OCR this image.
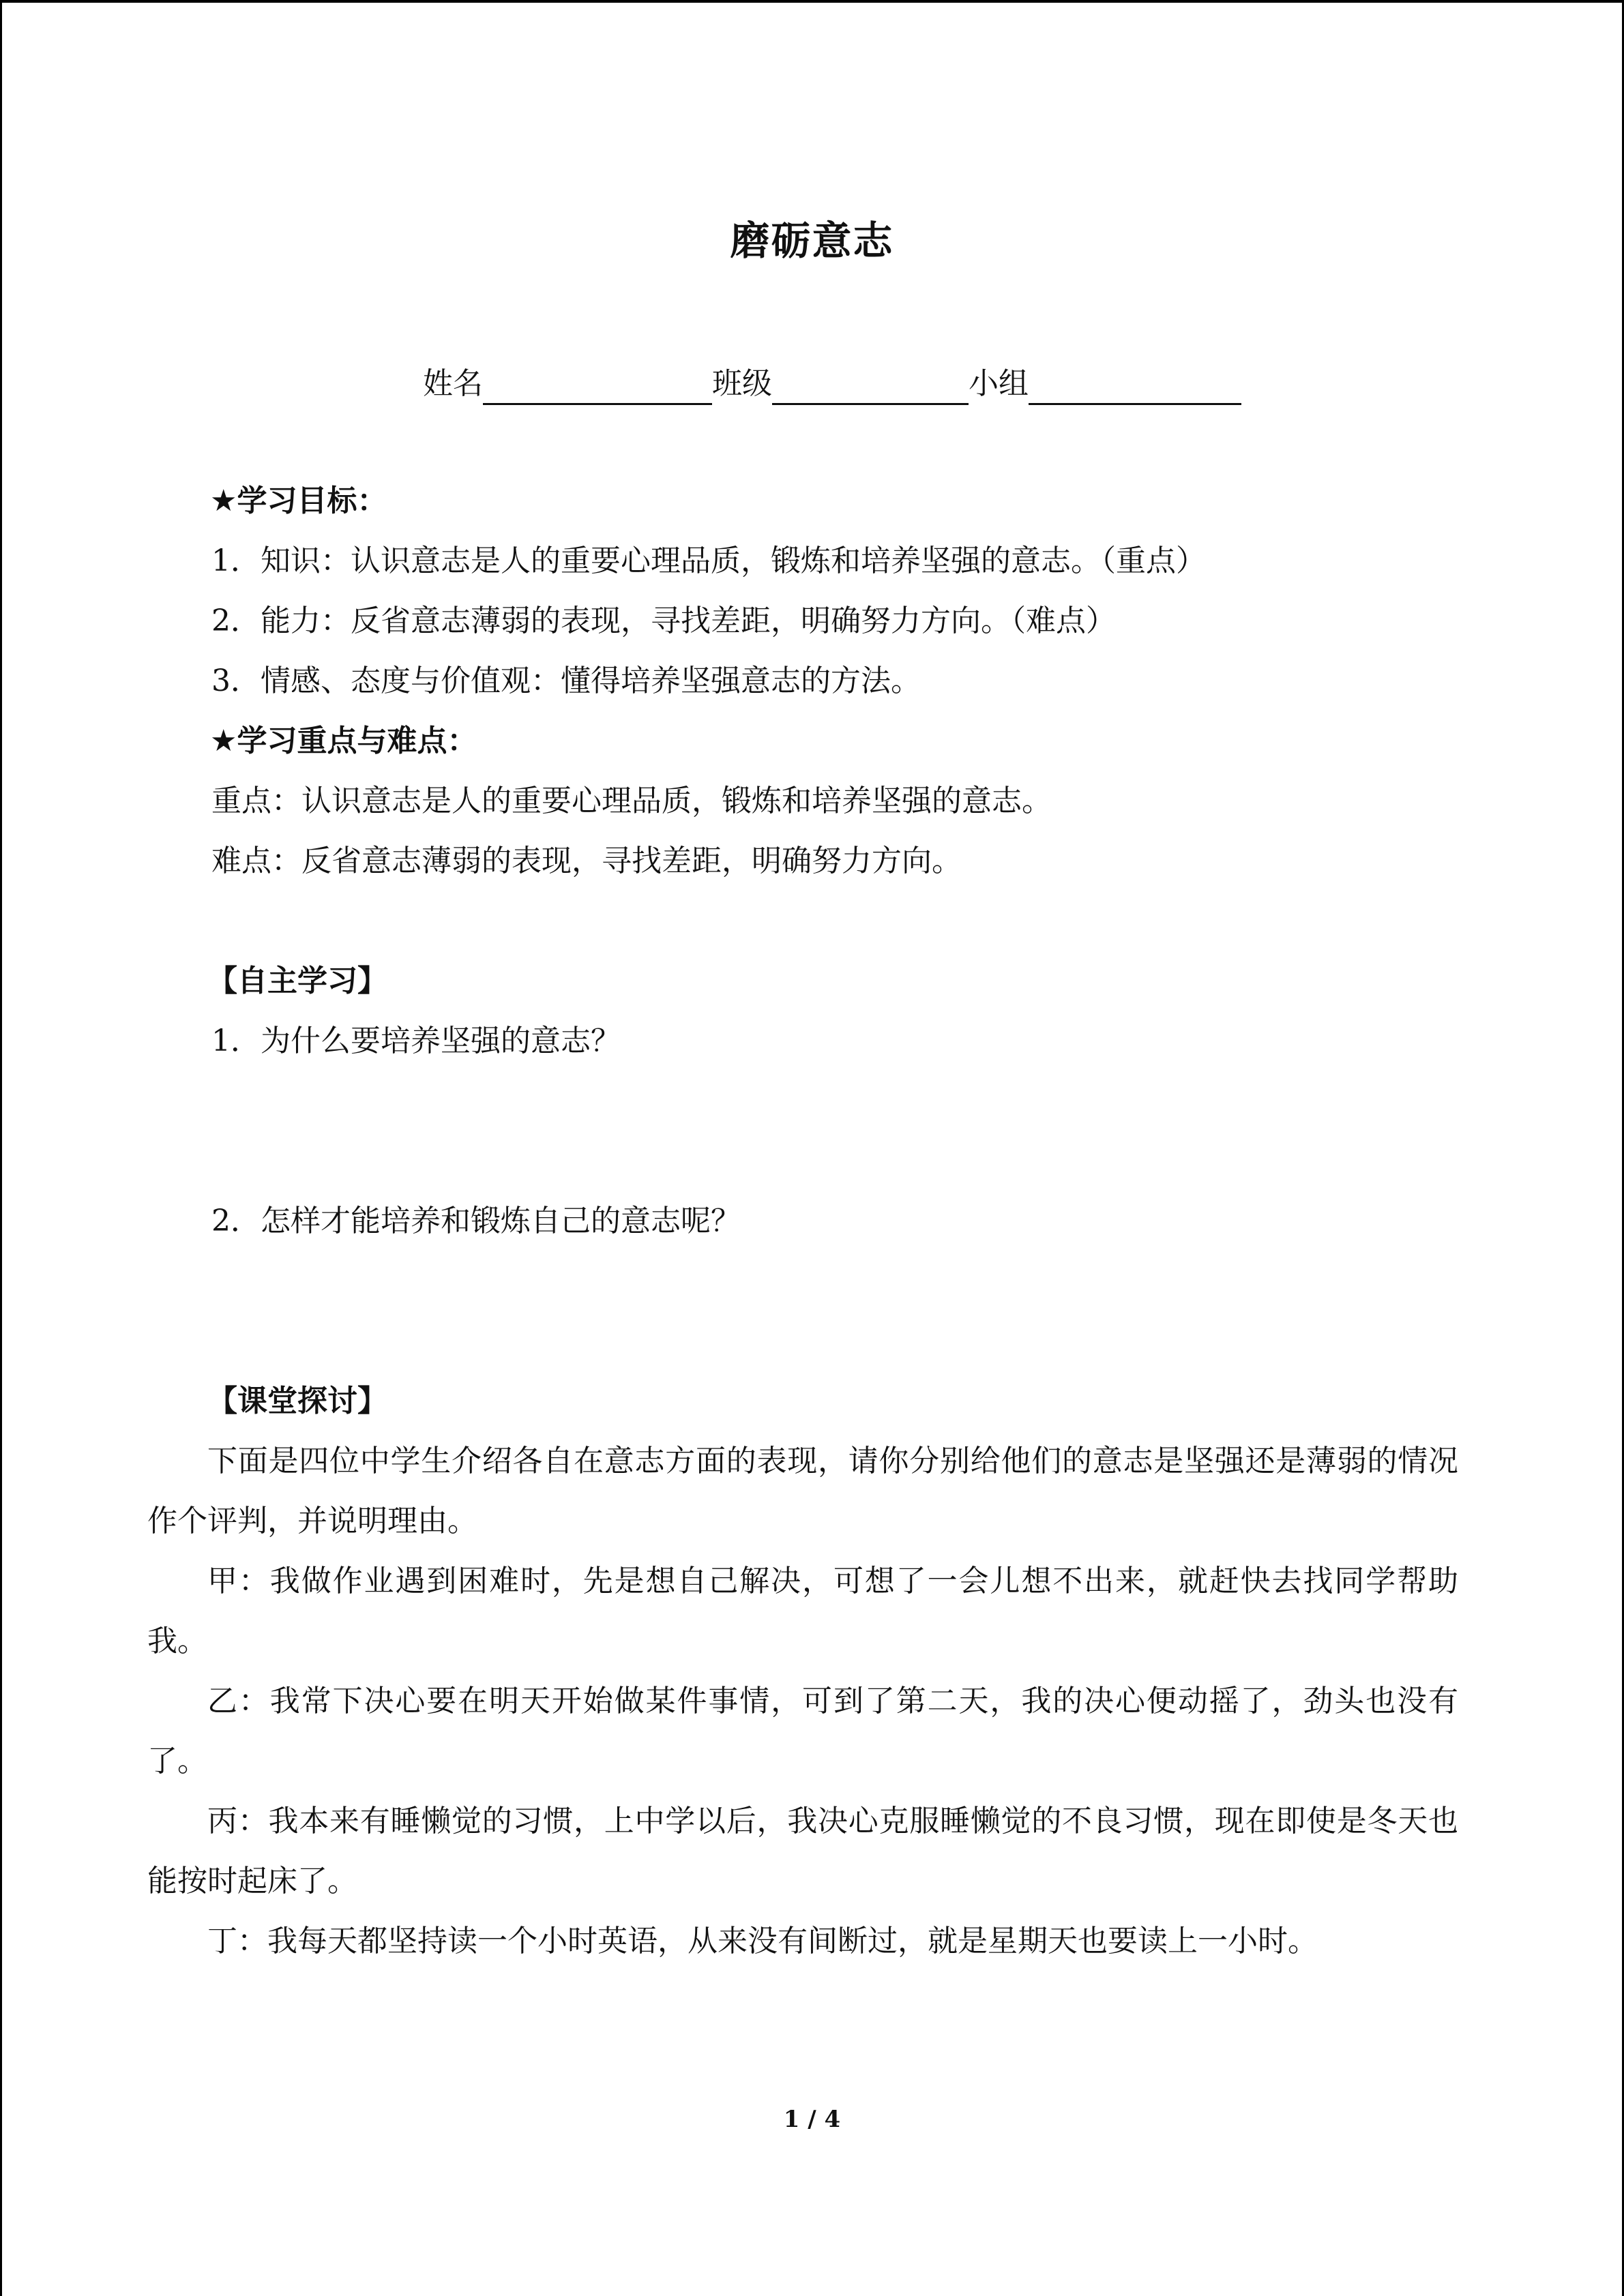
磨砺意志
姓名	班级	小组
★学习目标：
1．知识：认识意志是人的重要心理品质，锻炼和培养坚强的意志。（重点）
2．能力：反省意志薄弱的表现，寻找差距，明确努力方向。（难点）
3．情感、态度与价值观：懂得培养坚强意志的方法。
★学习重点与难点：
重点：认识意志是人的重要心理品质，锻炼和培养坚强的意志。
难点：反省意志薄弱的表现，寻找差距，明确努力方向。
【自主学习】
1．为什么要培养坚强的意志？
2．怎样才能培养和锻炼自己的意志呢？
【课堂探讨】
下面是四位中学生介绍各自在意志方面的表现，请你分别给他们的意志是坚强还是薄弱的情况作个评判，并说明理由。
甲：我做作业遇到困难时，先是想自己解决，可想了一会儿想不出来，就赶快去找同学帮助我。
乙：我常下决心要在明天开始做某件事情，可到了第二天，我的决心便动摇了，劲头也没有了。
丙：我本来有睡懒觉的习惯，上中学以后，我决心克服睡懒觉的不良习惯，现在即使是冬天也能按时起床了。
丁：我每天都坚持读一个小时英语，从来没有间断过，就是星期天也要读上一小时。
1 / 4
